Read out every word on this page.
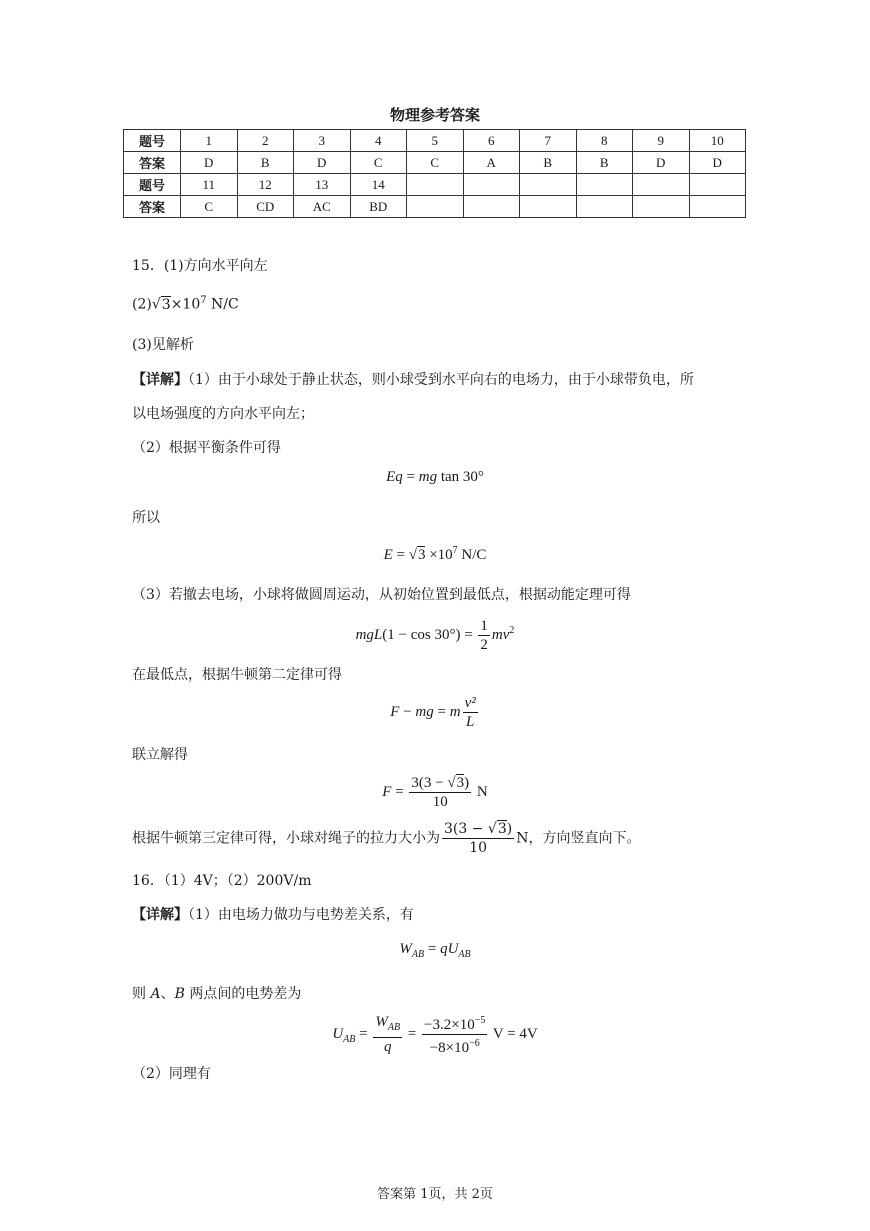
物理参考答案
题号	1	2	3	4	5	6	7	8	9	10
答案	D	B	D	C	C	A	B	B	D	D
题号	11	12	13	14						
答案	C	CD	AC	BD						
15．(1)方向水平向左
$(2)√3\times 10^7$ N/C
(3)见解析
【详解】（1）由于小球处于静止状态，则小球受到水平向右的电场力，由于小球带负电，所
以电场强度的方向水平向左；
（2）根据平衡条件可得
Eq = mg tan 30°
所以
$E = √3 \times 10^7$ N/C
（3）若撤去电场，小球将做圆周运动，从初始位置到最低点，根据动能定理可得
$mgL(1 - \cos 30^\circ) = \frac{1}{2} mv^2$
在最低点，根据牛顿第二定律可得
F − mg = m $\frac{\text{v²}}{L}$
联立解得
$F = \frac{3(3 - √3)}{10}$ N
根据牛顿第三定律可得，小球对绳子的拉力大小为 $\frac{3(3 - √3)}{10}$ N，方向竖直向下。
16．（1）4V；（2）200V/m
【详解】（1）由电场力做功与电势差关系，有
$W_{AB} = qU_{AB}$
则 A、B 两点间的电势差为
$U_{AB} = \frac{W_{AB}}{q} = \frac{-3.2\times 10^{-5}}{-8\times 10^{-6}}$ V = 4V
（2）同理有
答案第 1页，共 2页
